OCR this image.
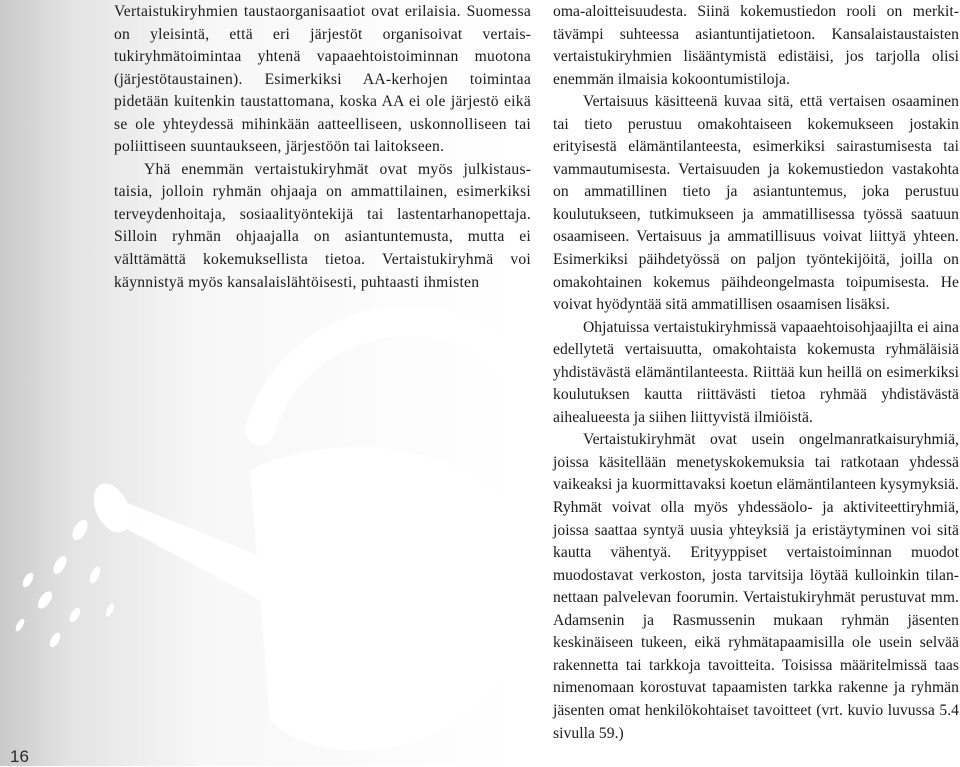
Vertaistukiryhmien taustaorganisaatiot ovat erilaisia. Suomessa on yleisintä, että eri järjestöt organisoivat vertaistukiryhmätoimintaa yhtenä vapaaehtoistoiminnan muotona (järjestötaustainen). Esimerkiksi AA-kerhojen toimintaa pidetään kuitenkin taustattomana, koska AA ei ole järjestö eikä se ole yhteydessä mihinkään aatteelliseen, uskonnolliseen tai poliittiseen suuntaukseen, järjestöön tai laitokseen.

Yhä enemmän vertaistukiryhmät ovat myös julkistaustaisia, jolloin ryhmän ohjaaja on ammattilainen, esimerkiksi terveydenhoitaja, sosiaalityöntekijä tai lastentarhanopettaja. Silloin ryhmän ohjaajalla on asiantuntemusta, mutta ei välttämättä kokemuksellista tietoa. Vertaistukiryhmä voi käynnistyä myös kansalaislähtöisesti, puhtaasti ihmisten

oma-aloitteisuudesta. Siinä kokemustiedon rooli on merkittävämpi suhteessa asiantuntijatietoon. Kansalaistaustaisten vertaistukiryhmien lisääntymistä edistäisi, jos tarjolla olisi enemmän ilmaisia kokoontumistiloja.

Vertaisuus käsitteenä kuvaa sitä, että vertaisen osaaminen tai tieto perustuu omakohtaiseen kokemukseen jostakin erityisestä elämäntilanteesta, esimerkiksi sairastumisesta tai vammautumisesta. Vertaisuuden ja kokemustiedon vastakohta on ammatillinen tieto ja asiantuntemus, joka perustuu koulutukseen, tutkimukseen ja ammatillisessa työssä saatuun osaamiseen. Vertaisuus ja ammatillisuus voivat liittyä yhteen. Esimerkiksi päihdetyössä on paljon työntekijöitä, joilla on omakohtainen kokemus päihdeongelmasta toipumisesta. He voivat hyödyntää sitä ammatillisen osaamisen lisäksi.

Ohjatuissa vertaistukiryhmissä vapaaehtoisohjaajilta ei aina edellytetä vertaisuutta, omakohtaista kokemusta ryhmäläisiä yhdistävästä elämäntilanteesta. Riittää kun heillä on esimerkiksi koulutuksen kautta riittävästi tietoa ryhmää yhdistävästä aihealueesta ja siihen liittyvistä ilmiöistä.

Vertaistukiryhmät ovat usein ongelmanratkaisuryhmiä, joissa käsitellään menetyskokemuksia tai ratkotaan yhdessä vaikeaksi ja kuormittavaksi koetun elämäntilanteen kysymyksiä. Ryhmät voivat olla myös yhdessäolo- ja aktiviteettiryhmiä, joissa saattaa syntyä uusia yhteyksiä ja eristäytyminen voi sitä kautta vähentyä. Erityyppiset vertaistoiminnan muodot muodostavat verkoston, josta tarvitsija löytää kulloinkin tilannettaan palvelevan foorumin. Vertaistukiryhmät perustuvat mm. Adamsenin ja Rasmussenin mukaan ryhmän jäsenten keskinäiseen tukeen, eikä ryhmätapaamisilla ole usein selvää rakennetta tai tarkkoja tavoitteita. Toisissa määritelmissä taas nimenomaan korostuvat tapaamisten tarkka rakenne ja ryhmän jäsenten omat henkilökohtaiset tavoitteet (vrt. kuvio luvussa 5.4 sivulla 59.)

16
